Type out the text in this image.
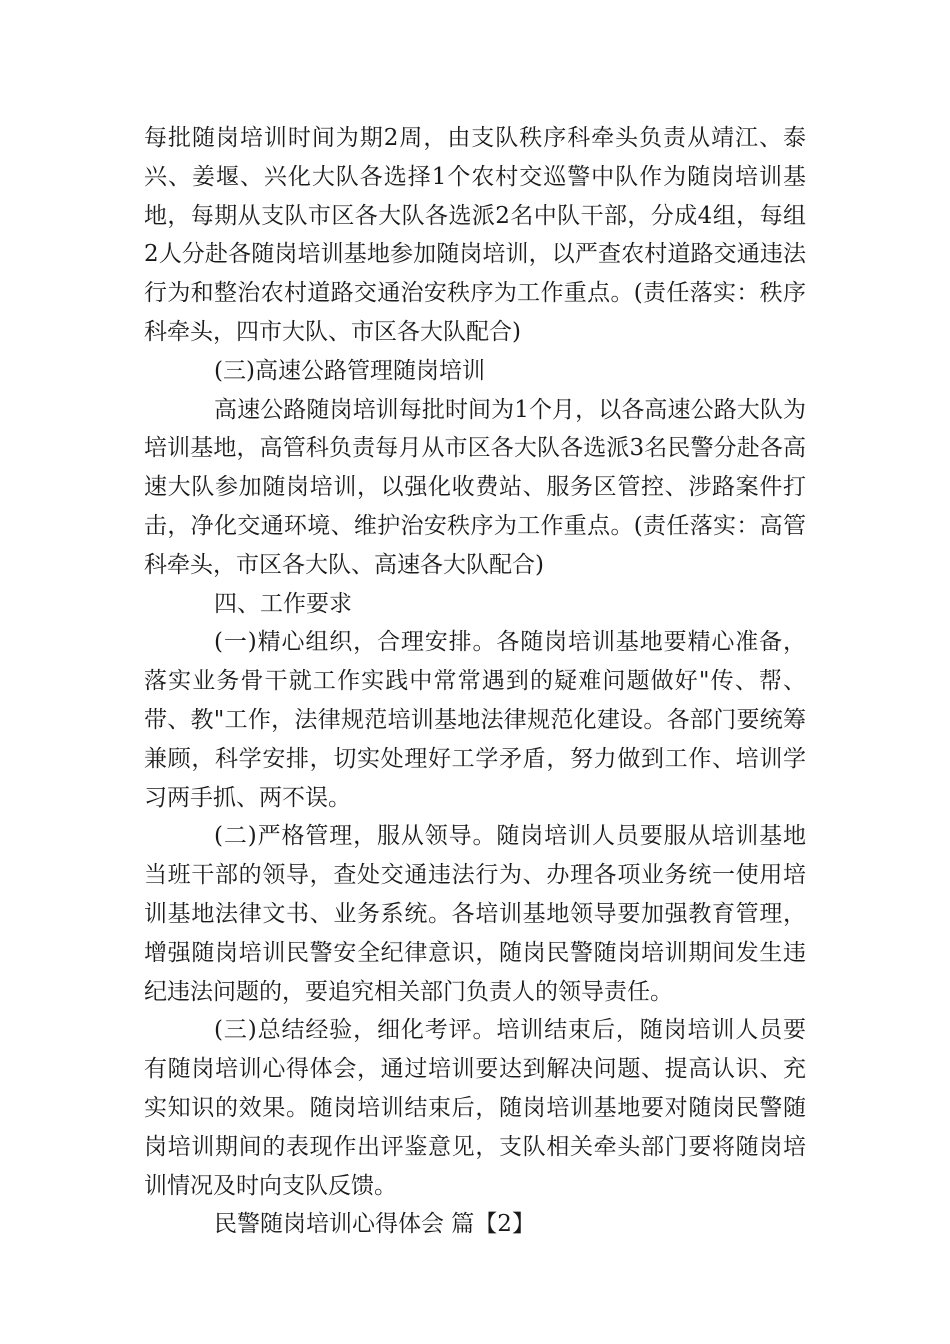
每批随岗培训时间为期2周，由支队秩序科牵头负责从靖江、泰兴、姜堰、兴化大队各选择1个农村交巡警中队作为随岗培训基地，每期从支队市区各大队各选派2名中队干部，分成4组，每组2人分赴各随岗培训基地参加随岗培训，以严查农村道路交通违法行为和整治农村道路交通治安秩序为工作重点。(责任落实：秩序科牵头，四市大队、市区各大队配合)

(三)高速公路管理随岗培训

高速公路随岗培训每批时间为1个月，以各高速公路大队为培训基地，高管科负责每月从市区各大队各选派3名民警分赴各高速大队参加随岗培训，以强化收费站、服务区管控、涉路案件打击，净化交通环境、维护治安秩序为工作重点。(责任落实：高管科牵头，市区各大队、高速各大队配合)

四、工作要求

(一)精心组织，合理安排。各随岗培训基地要精心准备，落实业务骨干就工作实践中常常遇到的疑难问题做好"传、帮、带、教"工作，法律规范培训基地法律规范化建设。各部门要统筹兼顾，科学安排，切实处理好工学矛盾，努力做到工作、培训学习两手抓、两不误。

(二)严格管理，服从领导。随岗培训人员要服从培训基地当班干部的领导，查处交通违法行为、办理各项业务统一使用培训基地法律文书、业务系统。各培训基地领导要加强教育管理，增强随岗培训民警安全纪律意识，随岗民警随岗培训期间发生违纪违法问题的，要追究相关部门负责人的领导责任。

(三)总结经验，细化考评。培训结束后，随岗培训人员要有随岗培训心得体会，通过培训要达到解决问题、提高认识、充实知识的效果。随岗培训结束后，随岗培训基地要对随岗民警随岗培训期间的表现作出评鉴意见，支队相关牵头部门要将随岗培训情况及时向支队反馈。

民警随岗培训心得体会 篇【2】
